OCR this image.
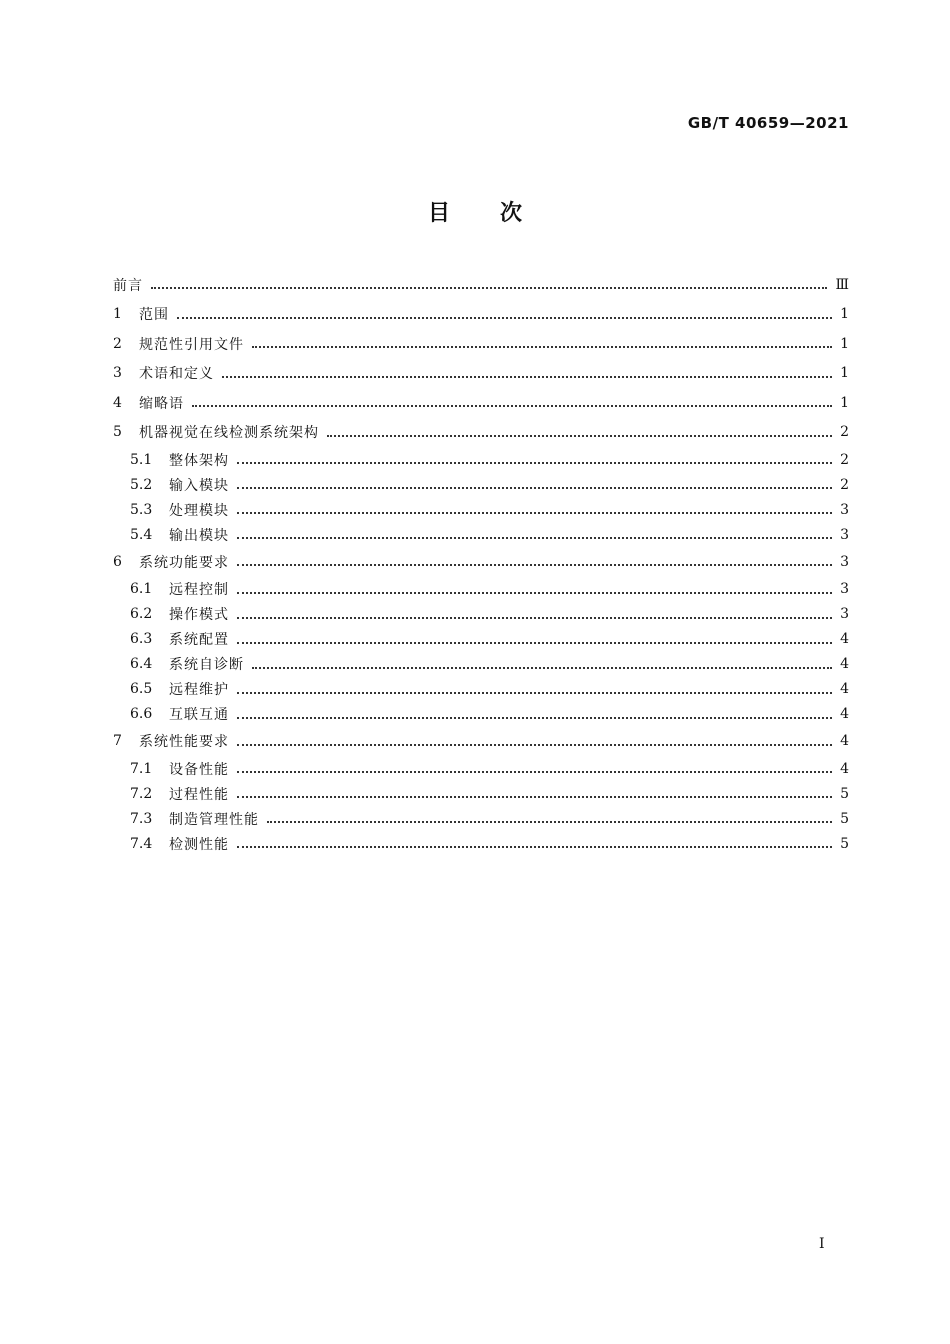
GB/T 40659—2021
目次
前言	Ⅲ
1	范围	1
2	规范性引用文件	1
3	术语和定义	1
4	缩略语	1
5	机器视觉在线检测系统架构	2
5.1	整体架构	2
5.2	输入模块	2
5.3	处理模块	3
5.4	输出模块	3
6	系统功能要求	3
6.1	远程控制	3
6.2	操作模式	3
6.3	系统配置	4
6.4	系统自诊断	4
6.5	远程维护	4
6.6	互联互通	4
7	系统性能要求	4
7.1	设备性能	4
7.2	过程性能	5
7.3	制造管理性能	5
7.4	检测性能	5
I
